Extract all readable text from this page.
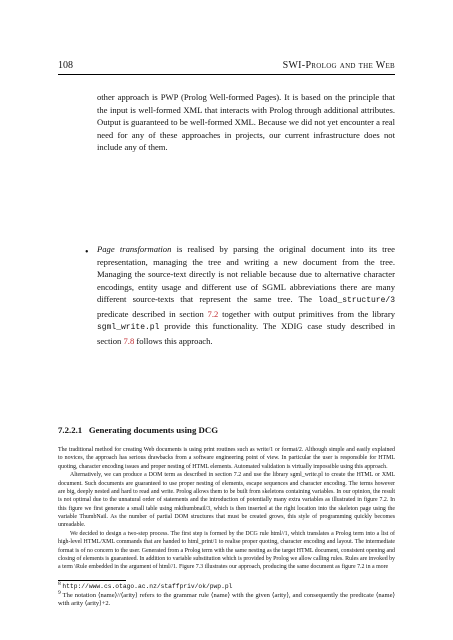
108	SWI-Prolog and the Web

other approach is PWP (Prolog Well-formed Pages). It is based on the principle that the input is well-formed XML that interacts with Prolog through additional attributes. Output is guaranteed to be well-formed XML. Because we did not yet encounter a real need for any of these approaches in projects, our current infrastructure does not include any of them.

• Page transformation is realised by parsing the original document into its tree representation, managing the tree and writing a new document from the tree. Managing the source-text directly is not reliable because due to alternative character encodings, entity usage and different use of SGML abbreviations there are many different source-texts that represent the same tree. The load_structure/3 predicate described in section 7.2 together with output primitives from the library sgml_write.pl provide this functionality. The XDIG case study described in section 7.8 follows this approach.

7.2.2.1 Generating documents using DCG

The traditional method for creating Web documents is using print routines such as write/1 or format/2. Although simple and easily explained to novices, the approach has serious drawbacks from a software engineering point of view. In particular the user is responsible for HTML quoting, character encoding issues and proper nesting of HTML elements. Automated validation is virtually impossible using this approach.

Alternatively, we can produce a DOM term as described in section 7.2 and use the library sgml_write.pl to create the HTML or XML document. Such documents are guaranteed to use proper nesting of elements, escape sequences and character encoding. The terms however are big, deeply nested and hard to read and write. Prolog allows them to be built from skeletons containing variables. In our opinion, the result is not optimal due to the unnatural order of statements and the introduction of potentially many extra variables as illustrated in figure 7.2. In this figure we first generate a small table using mkthumbnail/3, which is then inserted at the right location into the skeleton page using the variable ThumbNail. As the number of partial DOM structures that must be created grows, this style of programming quickly becomes unreadable.

We decided to design a two-step process. The first step is formed by the DCG rule html//1, which translates a Prolog term into a list of high-level HTML/XML commands that are handed to html_print/1 to realise proper quoting, character encoding and layout. The intermediate format is of no concern to the user. Generated from a Prolog term with the same nesting as the target HTML document, consistent opening and closing of elements is guaranteed. In addition to variable substitution which is provided by Prolog we allow calling rules. Rules are invoked by a term \Rule embedded in the argument of html//1. Figure 7.3 illustrates our approach, producing the same document as figure 7.2 in a more

$^8$ http://www.cs.otago.ac.nz/staffpriv/ok/pwp.pl
$^9$ The notation ⟨name⟩//⟨arity⟩ refers to the grammar rule ⟨name⟩ with the given ⟨arity⟩, and consequently the predicate ⟨name⟩ with arity ⟨arity⟩+2.
